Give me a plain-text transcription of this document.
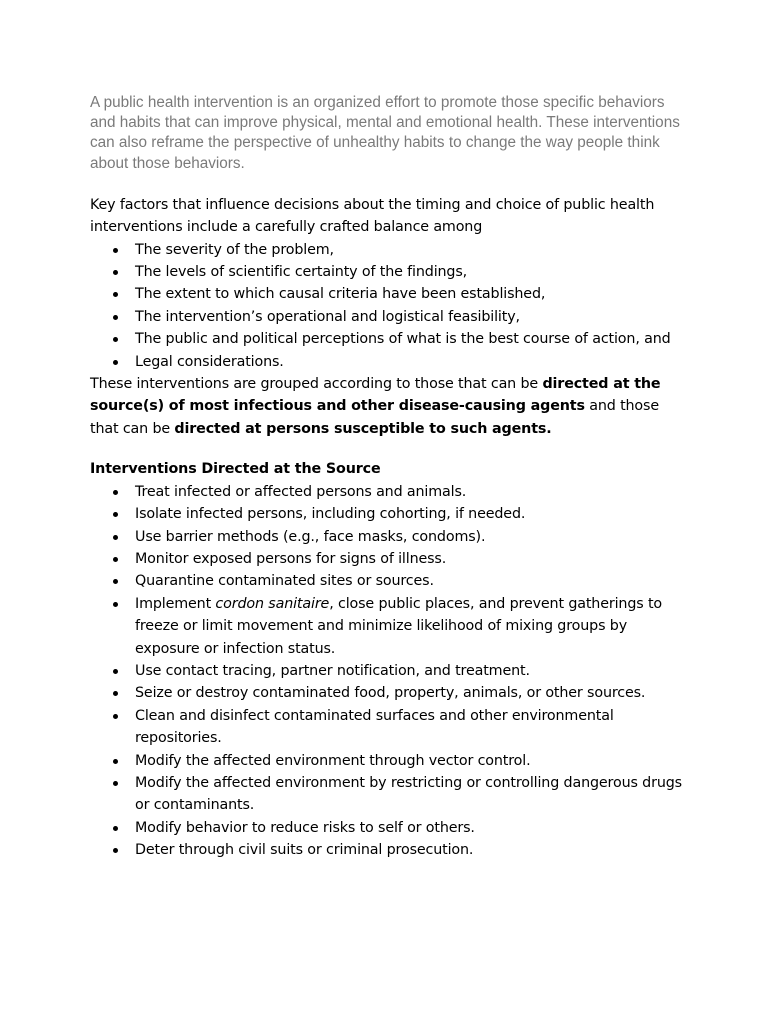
A public health intervention is an organized effort to promote those specific behaviors and habits that can improve physical, mental and emotional health. These interventions can also reframe the perspective of unhealthy habits to change the way people think about those behaviors.

Key factors that influence decisions about the timing and choice of public health interventions include a carefully crafted balance among

The severity of the problem,
The levels of scientific certainty of the findings,
The extent to which causal criteria have been established,
The intervention’s operational and logistical feasibility,
The public and political perceptions of what is the best course of action, and
Legal considerations.

These interventions are grouped according to those that can be directed at the source(s) of most infectious and other disease-causing agents and those that can be directed at persons susceptible to such agents.

Interventions Directed at the Source
Treat infected or affected persons and animals.
Isolate infected persons, including cohorting, if needed.
Use barrier methods (e.g., face masks, condoms).
Monitor exposed persons for signs of illness.
Quarantine contaminated sites or sources.
Implement cordon sanitaire, close public places, and prevent gatherings to freeze or limit movement and minimize likelihood of mixing groups by exposure or infection status.
Use contact tracing, partner notification, and treatment.
Seize or destroy contaminated food, property, animals, or other sources.
Clean and disinfect contaminated surfaces and other environmental repositories.
Modify the affected environment through vector control.
Modify the affected environment by restricting or controlling dangerous drugs or contaminants.
Modify behavior to reduce risks to self or others.
Deter through civil suits or criminal prosecution.
